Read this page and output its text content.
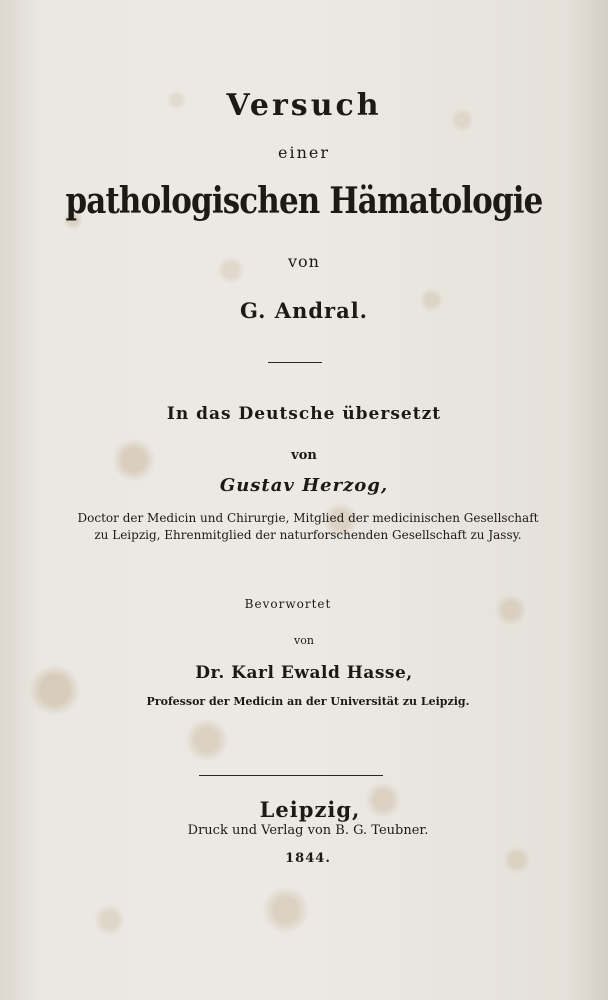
Versuch
einer
pathologischen Hämatologie
von
G. Andral.
In das Deutsche übersetzt
von
Gustav Herzog,
Doctor der Medicin und Chirurgie, Mitglied der medicinischen Gesellschaft
zu Leipzig, Ehrenmitglied der naturforschenden Gesellschaft zu Jassy.
Bevorwortet
von
Dr. Karl Ewald Hasse,
Professor der Medicin an der Universität zu Leipzig.
Leipzig,
Druck und Verlag von B. G. Teubner.
1844.
